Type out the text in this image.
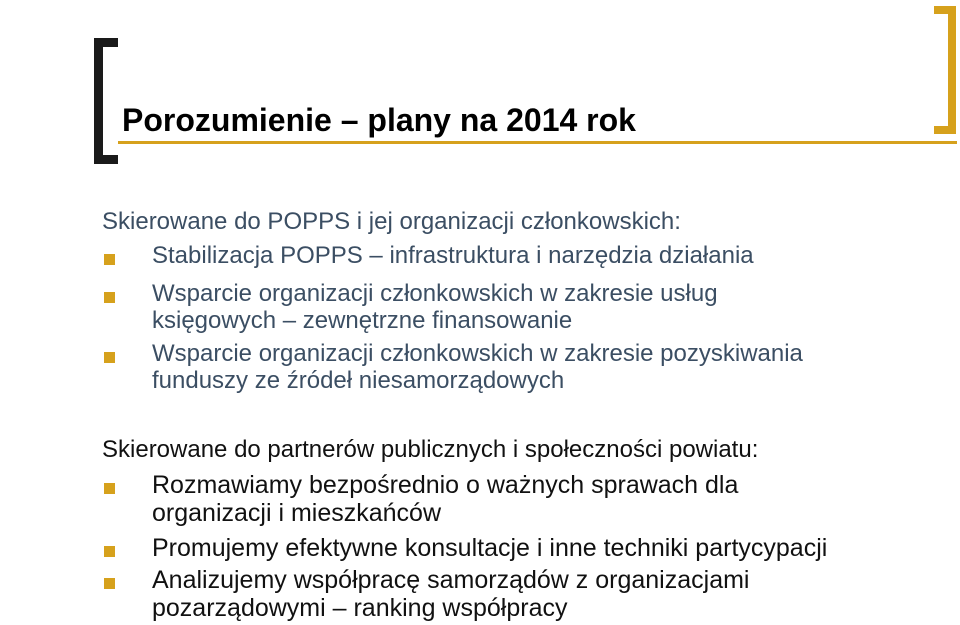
Porozumienie – plany na 2014 rok

Skierowane do POPPS i jej organizacji członkowskich:

Stabilizacja POPPS – infrastruktura i narzędzia działania

Wsparcie organizacji członkowskich w zakresie usług
księgowych – zewnętrzne finansowanie

Wsparcie organizacji członkowskich w zakresie pozyskiwania
funduszy ze źródeł niesamorządowych

Skierowane do partnerów publicznych i społeczności powiatu:

Rozmawiamy bezpośrednio o ważnych sprawach dla
organizacji i mieszkańców

Promujemy efektywne konsultacje i inne techniki partycypacji

Analizujemy współpracę samorządów z organizacjami
pozarządowymi – ranking współpracy
